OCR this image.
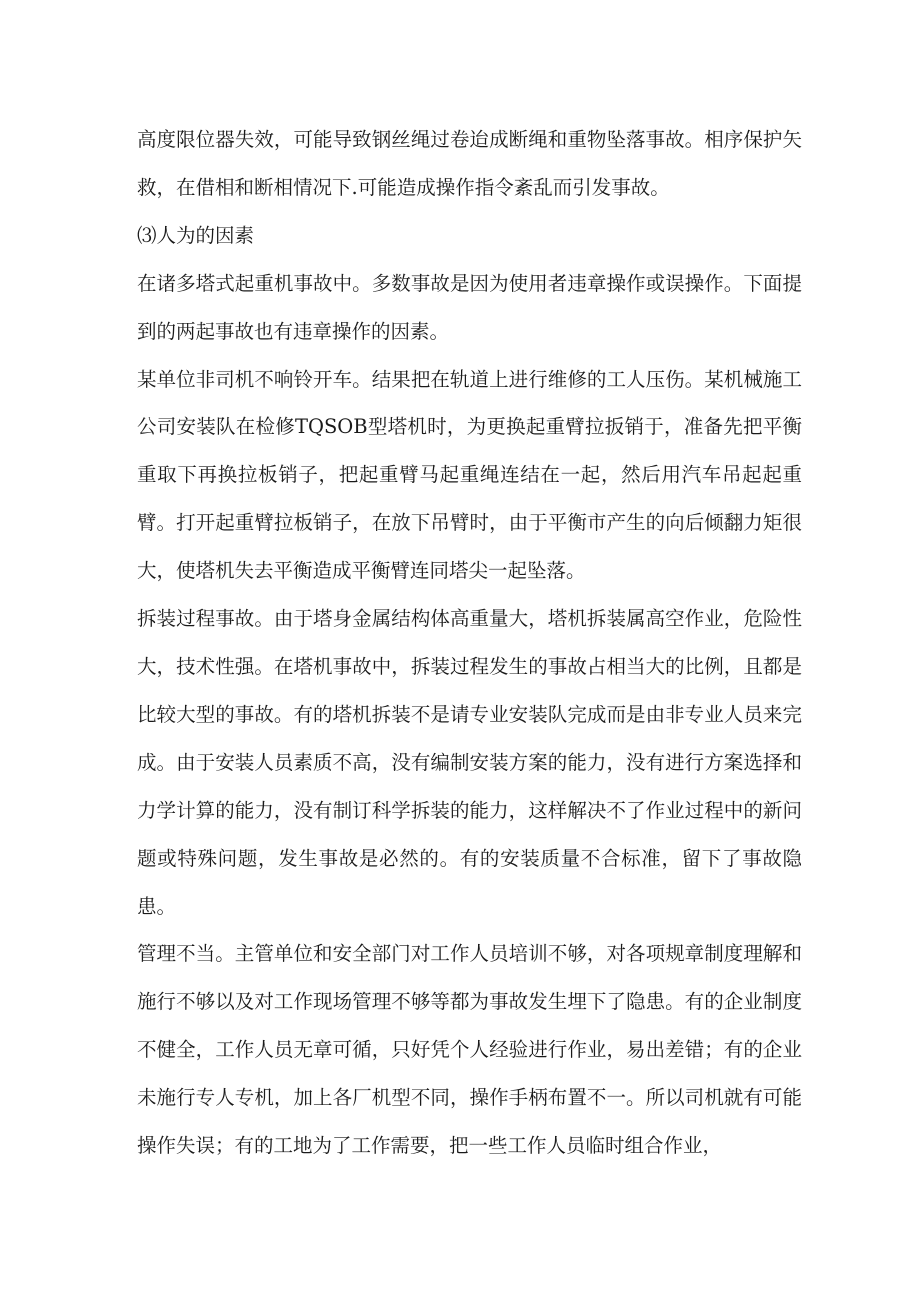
高度限位器失效，可能导致钢丝绳过卷迨成断绳和重物坠落事故。相序保护矢救，在借相和断相情况下.可能造成操作指令紊乱而引发事故。

⑶人为的因素

在诸多塔式起重机事故中。多数事故是因为使用者违章操作或误操作。下面提到的两起事故也有违章操作的因素。

某单位非司机不响铃开车。结果把在轨道上进行维修的工人压伤。某机械施工公司安装队在检修TQSOB型塔机时，为更换起重臂拉扳销于，准备先把平衡重取下再换拉板销子，把起重臂马起重绳连结在一起，然后用汽车吊起起重臂。打开起重臂拉板销子，在放下吊臂时，由于平衡市产生的向后倾翻力矩很大，使塔机失去平衡造成平衡臂连同塔尖一起坠落。

拆装过程事故。由于塔身金属结构体高重量大，塔机拆装属高空作业，危险性大，技术性强。在塔机事故中，拆装过程发生的事故占相当大的比例，且都是比较大型的事故。有的塔机拆装不是请专业安装队完成而是由非专业人员来完成。由于安装人员素质不高，没有编制安装方案的能力，没有进行方案选择和力学计算的能力，没有制订科学拆装的能力，这样解决不了作业过程中的新问题或特殊问题，发生事故是必然的。有的安装质量不合标准，留下了事故隐患。

管理不当。主管单位和安全部门对工作人员培训不够，对各项规章制度理解和施行不够以及对工作现场管理不够等都为事故发生埋下了隐患。有的企业制度不健全，工作人员无章可循，只好凭个人经验进行作业，易出差错；有的企业未施行专人专机，加上各厂机型不同，操作手柄布置不一。所以司机就有可能操作失误；有的工地为了工作需要，把一些工作人员临时组合作业，
